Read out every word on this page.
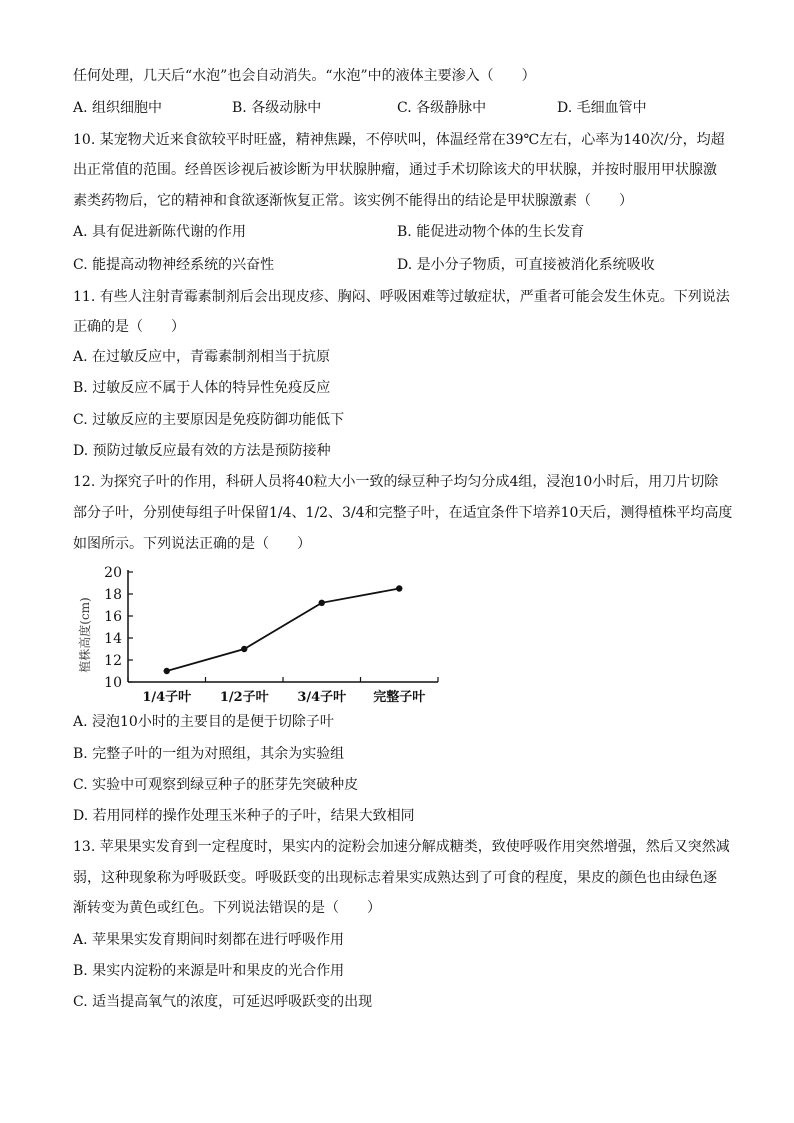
任何处理，几天后“水泡”也会自动消失。“水泡”中的液体主要渗入（　　）
A. 组织细胞中	B. 各级动脉中	C. 各级静脉中	D. 毛细血管中
10. 某宠物犬近来食欲较平时旺盛，精神焦躁，不停吠叫，体温经常在39℃左右，心率为140次/分，均超
出正常值的范围。经兽医诊视后被诊断为甲状腺肿瘤，通过手术切除该犬的甲状腺，并按时服用甲状腺激
素类药物后，它的精神和食欲逐渐恢复正常。该实例不能得出的结论是甲状腺激素（　　）
A. 具有促进新陈代谢的作用	B. 能促进动物个体的生长发育
C. 能提高动物神经系统的兴奋性	D. 是小分子物质，可直接被消化系统吸收
11. 有些人注射青霉素制剂后会出现皮疹、胸闷、呼吸困难等过敏症状，严重者可能会发生休克。下列说法
正确的是（　　）
A. 在过敏反应中，青霉素制剂相当于抗原
B. 过敏反应不属于人体的特异性免疫反应
C. 过敏反应的主要原因是免疫防御功能低下
D. 预防过敏反应最有效的方法是预防接种
12. 为探究子叶的作用，科研人员将40粒大小一致的绿豆种子均匀分成4组，浸泡10小时后，用刀片切除
部分子叶，分别使每组子叶保留1/4、1/2、3/4和完整子叶，在适宜条件下培养10天后，测得植株平均高度
如图所示。下列说法正确的是（　　）
10
12
14
16
18
20
植株高度(cm)
1/4子叶 1/2子叶 3/4子叶 完整子叶
A. 浸泡10小时的主要目的是便于切除子叶
B. 完整子叶的一组为对照组，其余为实验组
C. 实验中可观察到绿豆种子的胚芽先突破种皮
D. 若用同样的操作处理玉米种子的子叶，结果大致相同
13. 苹果果实发育到一定程度时，果实内的淀粉会加速分解成糖类，致使呼吸作用突然增强，然后又突然减
弱，这种现象称为呼吸跃变。呼吸跃变的出现标志着果实成熟达到了可食的程度，果皮的颜色也由绿色逐
渐转变为黄色或红色。下列说法错误的是（　　）
A. 苹果果实发育期间时刻都在进行呼吸作用
B. 果实内淀粉的来源是叶和果皮的光合作用
C. 适当提高氧气的浓度，可延迟呼吸跃变的出现
